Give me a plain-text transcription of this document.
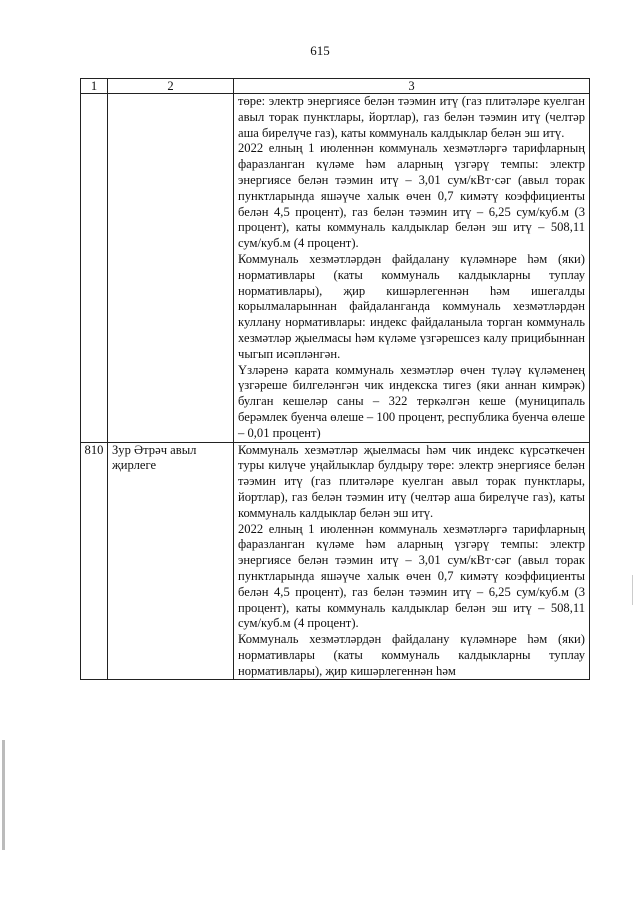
615
1	2	3

		төре: электр энергиясе белән тәэмин итү (газ плитәләре куелган авыл торак пунктлары, йортлар), газ белән тәэмин итү (челтәр аша бирелүче газ), каты коммуналь калдыклар белән эш итү.

2022 елның 1 июленнән коммуналь хезмәтләргә тарифларның фаразланган күләме һәм аларның үзгәрү темпы: электр энергиясе белән тәэмин итү – 3,01 сум/кВт·сәг (авыл торак пунктларында яшәүче халык өчен 0,7 кимәтү коэффициенты белән 4,5 процент), газ белән тәэмин итү – 6,25 сум/куб.м (3 процент), каты коммуналь калдыклар белән эш итү – 508,11 сум/куб.м (4 процент).

Коммуналь хезмәтләрдән файдалану күләмнәре һәм (яки) нормативлары (каты коммуналь калдыкларны туплау нормативлары), җир кишәрлегеннән һәм ишегалды корылмаларыннан файдаланганда коммуналь хезмәтләрдән куллану нормативлары: индекс файдаланыла торган коммуналь хезмәтләр җыелмасы һәм күләме үзгәрешсез калу прицибыннан чыгып исәпләнгән.

Үзләренә карата коммуналь хезмәтләр өчен түләү күләменең үзгәреше билгеләнгән чик индекска тигез (яки аннан кимрәк) булган кешеләр саны – 322 теркәлгән кеше (муниципаль берәмлек буенча өлеше – 100 процент, республика буенча өлеше – 0,01 процент)

810	Зур Әтрәч авыл җирлеге	Коммуналь хезмәтләр җыелмасы һәм чик индекс күрсәткечен туры килүче уңайлыклар булдыру төре: электр энергиясе белән тәэмин итү (газ плитәләре куелган авыл торак пунктлары, йортлар), газ белән тәэмин итү (челтәр аша бирелүче газ), каты коммуналь калдыклар белән эш итү.

2022 елның 1 июленнән коммуналь хезмәтләргә тарифларның фаразланган күләме һәм аларның үзгәрү темпы: электр энергиясе белән тәэмин итү – 3,01 сум/кВт·сәг (авыл торак пунктларында яшәүче халык өчен 0,7 кимәтү коэффициенты белән 4,5 процент), газ белән тәэмин итү – 6,25 сум/куб.м (3 процент), каты коммуналь калдыклар белән эш итү – 508,11 сум/куб.м (4 процент).

Коммуналь хезмәтләрдән файдалану күләмнәре һәм (яки) нормативлары (каты коммуналь калдыкларны туплау нормативлары), җир кишәрлегеннән һәм
